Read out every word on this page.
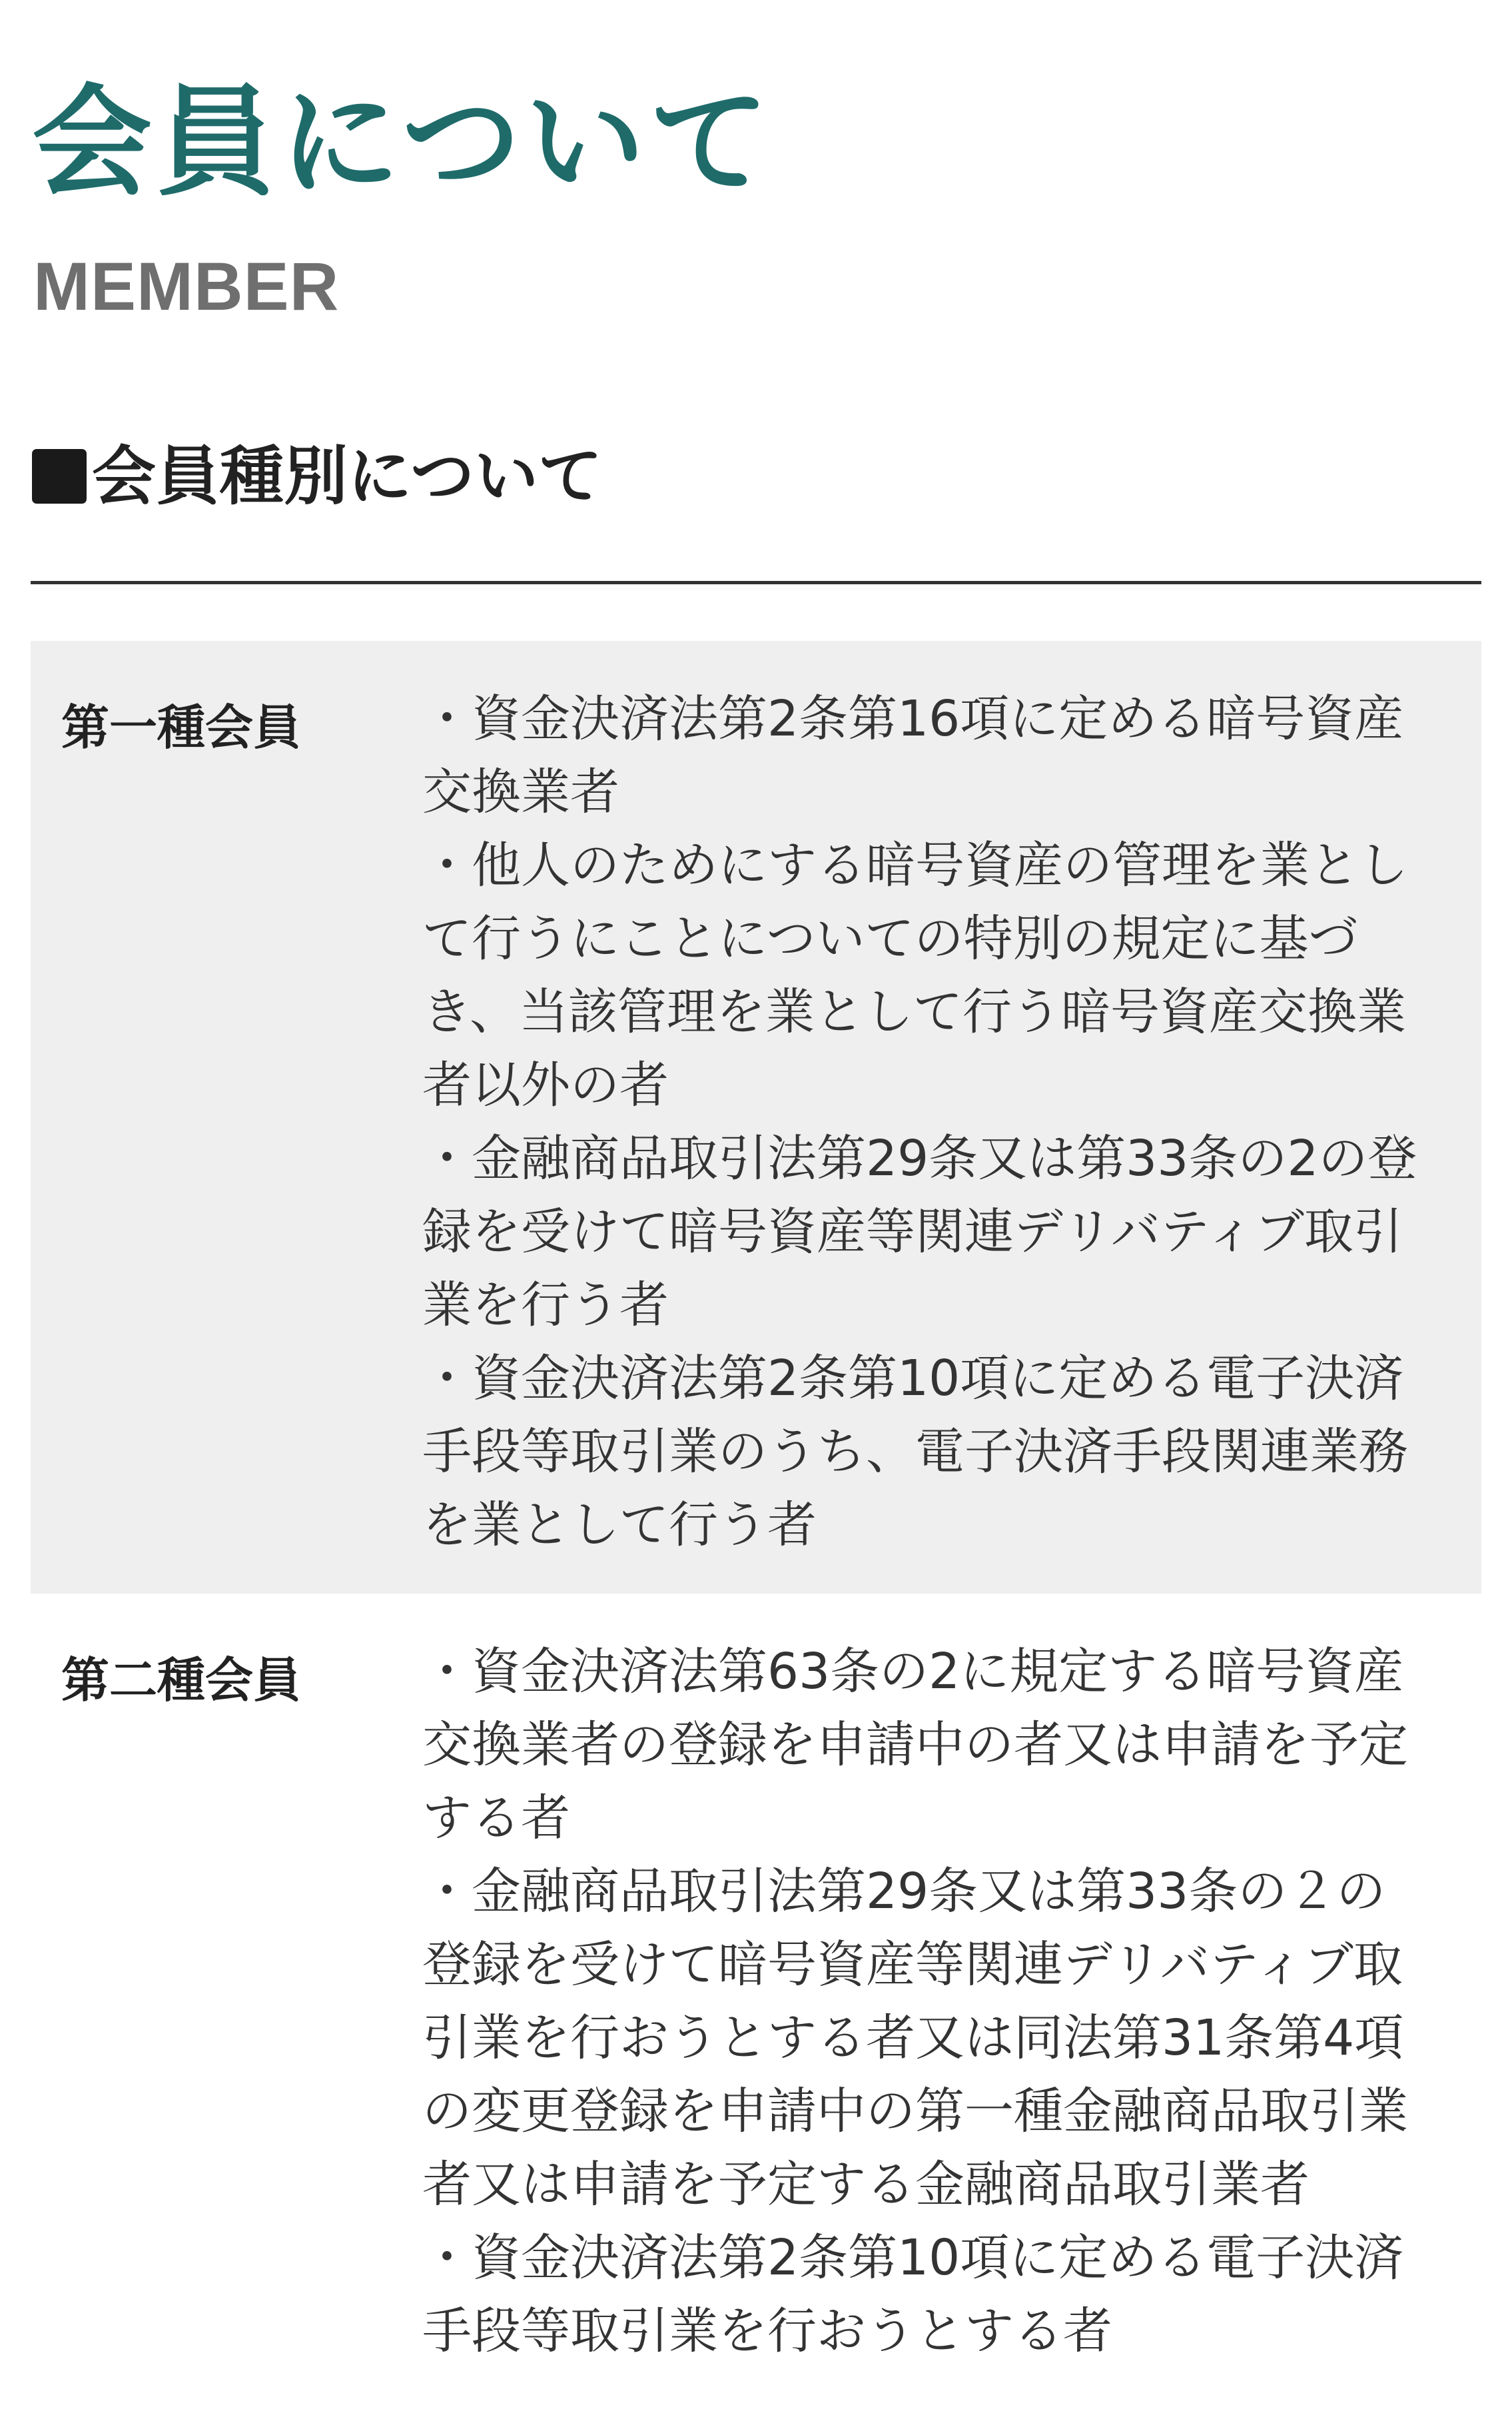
会員について
MEMBER
会員種別について
第一種会員	・資金決済法第2条第16項に定める暗号資産
交換業者
・他人のためにする暗号資産の管理を業とし
て行うにことについての特別の規定に基づ
き、当該管理を業として行う暗号資産交換業
者以外の者
・金融商品取引法第29条又は第33条の2の登
録を受けて暗号資産等関連デリバティブ取引
業を行う者
・資金決済法第2条第10項に定める電子決済
手段等取引業のうち、電子決済手段関連業務
を業として行う者
第二種会員	・資金決済法第63条の2に規定する暗号資産
交換業者の登録を申請中の者又は申請を予定
する者
・金融商品取引法第29条又は第33条の２の
登録を受けて暗号資産等関連デリバティブ取
引業を行おうとする者又は同法第31条第4項
の変更登録を申請中の第一種金融商品取引業
者又は申請を予定する金融商品取引業者
・資金決済法第2条第10項に定める電子決済
手段等取引業を行おうとする者
